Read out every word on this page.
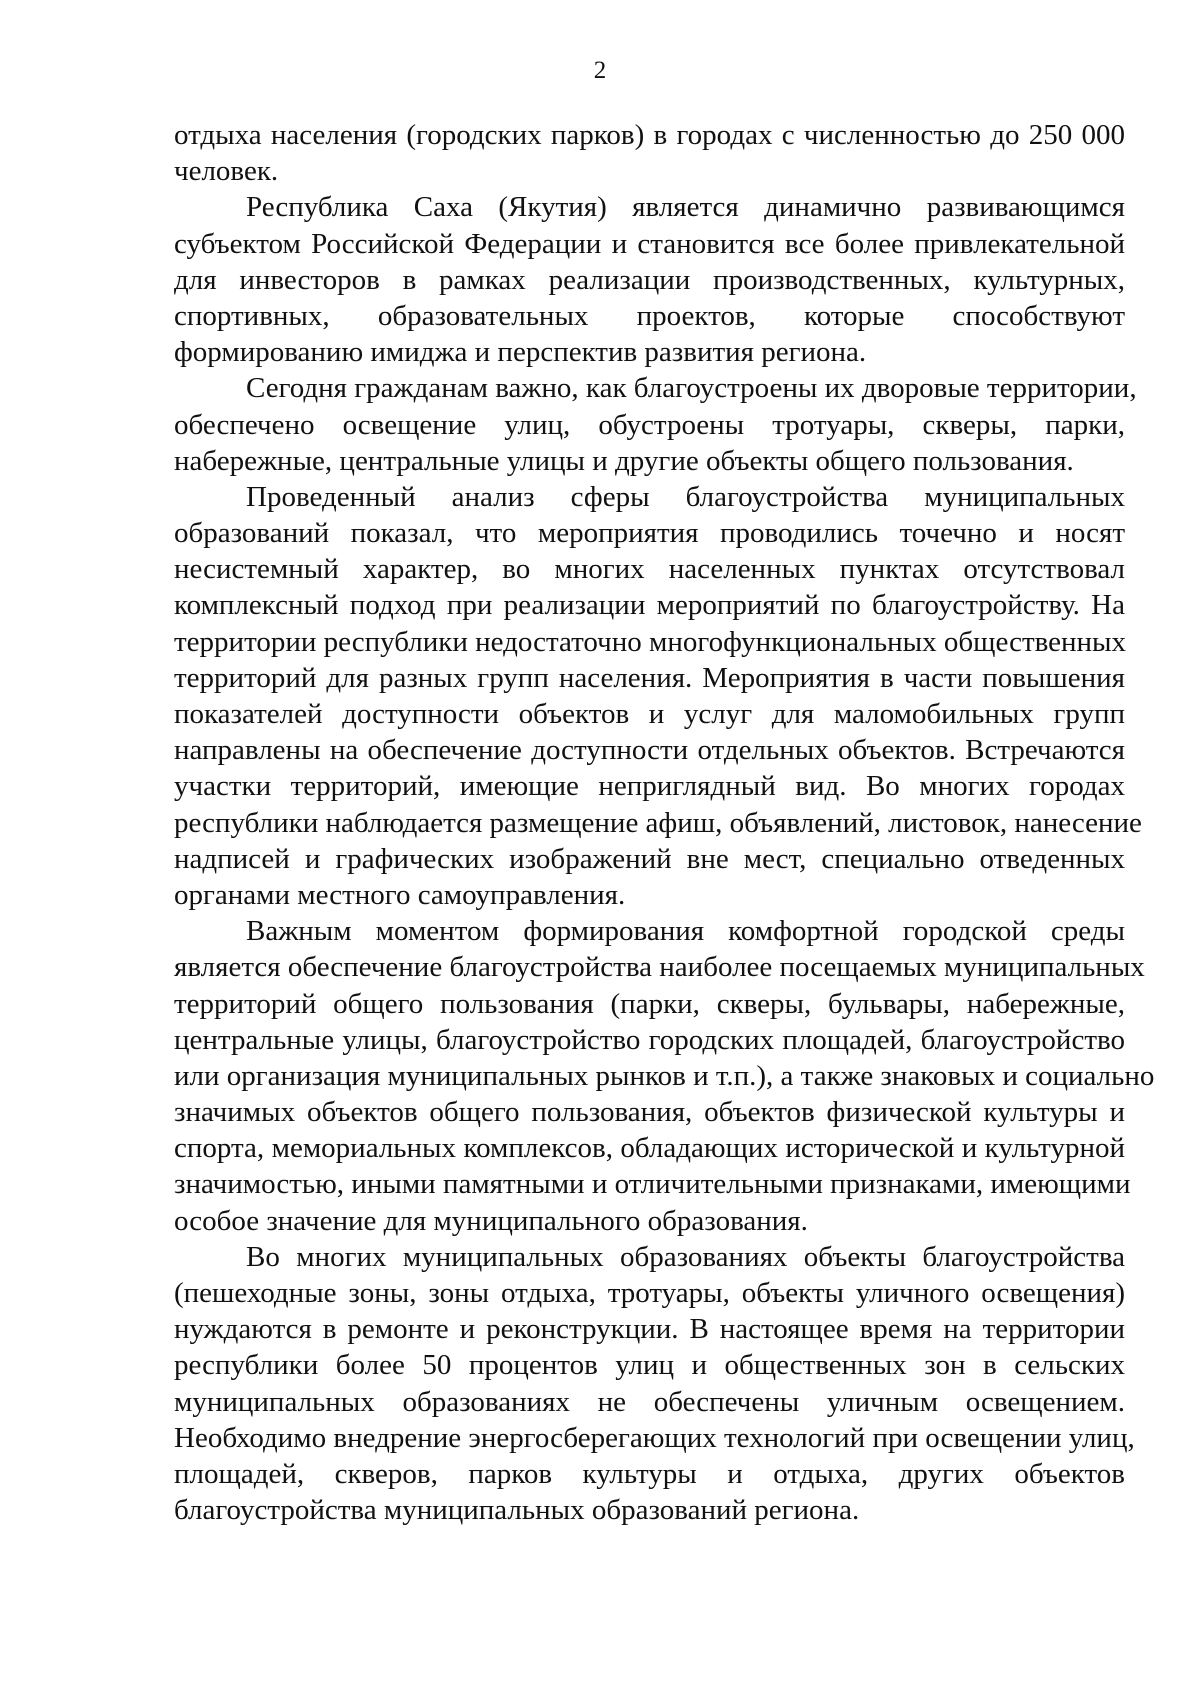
2
отдыха населения (городских парков) в городах с численностью до 250 000
человек.
Республика Саха (Якутия) является динамично развивающимся
субъектом Российской Федерации и становится все более привлекательной
для инвесторов в рамках реализации производственных, культурных,
спортивных, образовательных проектов, которые способствуют
формированию имиджа и перспектив развития региона.
Сегодня гражданам важно, как благоустроены их дворовые территории,
обеспечено освещение улиц, обустроены тротуары, скверы, парки,
набережные, центральные улицы и другие объекты общего пользования.
Проведенный анализ сферы благоустройства муниципальных
образований показал, что мероприятия проводились точечно и носят
несистемный характер, во многих населенных пунктах отсутствовал
комплексный подход при реализации мероприятий по благоустройству. На
территории республики недостаточно многофункциональных общественных
территорий для разных групп населения. Мероприятия в части повышения
показателей доступности объектов и услуг для маломобильных групп
направлены на обеспечение доступности отдельных объектов. Встречаются
участки территорий, имеющие неприглядный вид. Во многих городах
республики наблюдается размещение афиш, объявлений, листовок, нанесение
надписей и графических изображений вне мест, специально отведенных
органами местного самоуправления.
Важным моментом формирования комфортной городской среды
является обеспечение благоустройства наиболее посещаемых муниципальных
территорий общего пользования (парки, скверы, бульвары, набережные,
центральные улицы, благоустройство городских площадей, благоустройство
или организация муниципальных рынков и т.п.), а также знаковых и социально
значимых объектов общего пользования, объектов физической культуры и
спорта, мемориальных комплексов, обладающих исторической и культурной
значимостью, иными памятными и отличительными признаками, имеющими
особое значение для муниципального образования.
Во многих муниципальных образованиях объекты благоустройства
(пешеходные зоны, зоны отдыха, тротуары, объекты уличного освещения)
нуждаются в ремонте и реконструкции. В настоящее время на территории
республики более 50 процентов улиц и общественных зон в сельских
муниципальных образованиях не обеспечены уличным освещением.
Необходимо внедрение энергосберегающих технологий при освещении улиц,
площадей, скверов, парков культуры и отдыха, других объектов
благоустройства муниципальных образований региона.
